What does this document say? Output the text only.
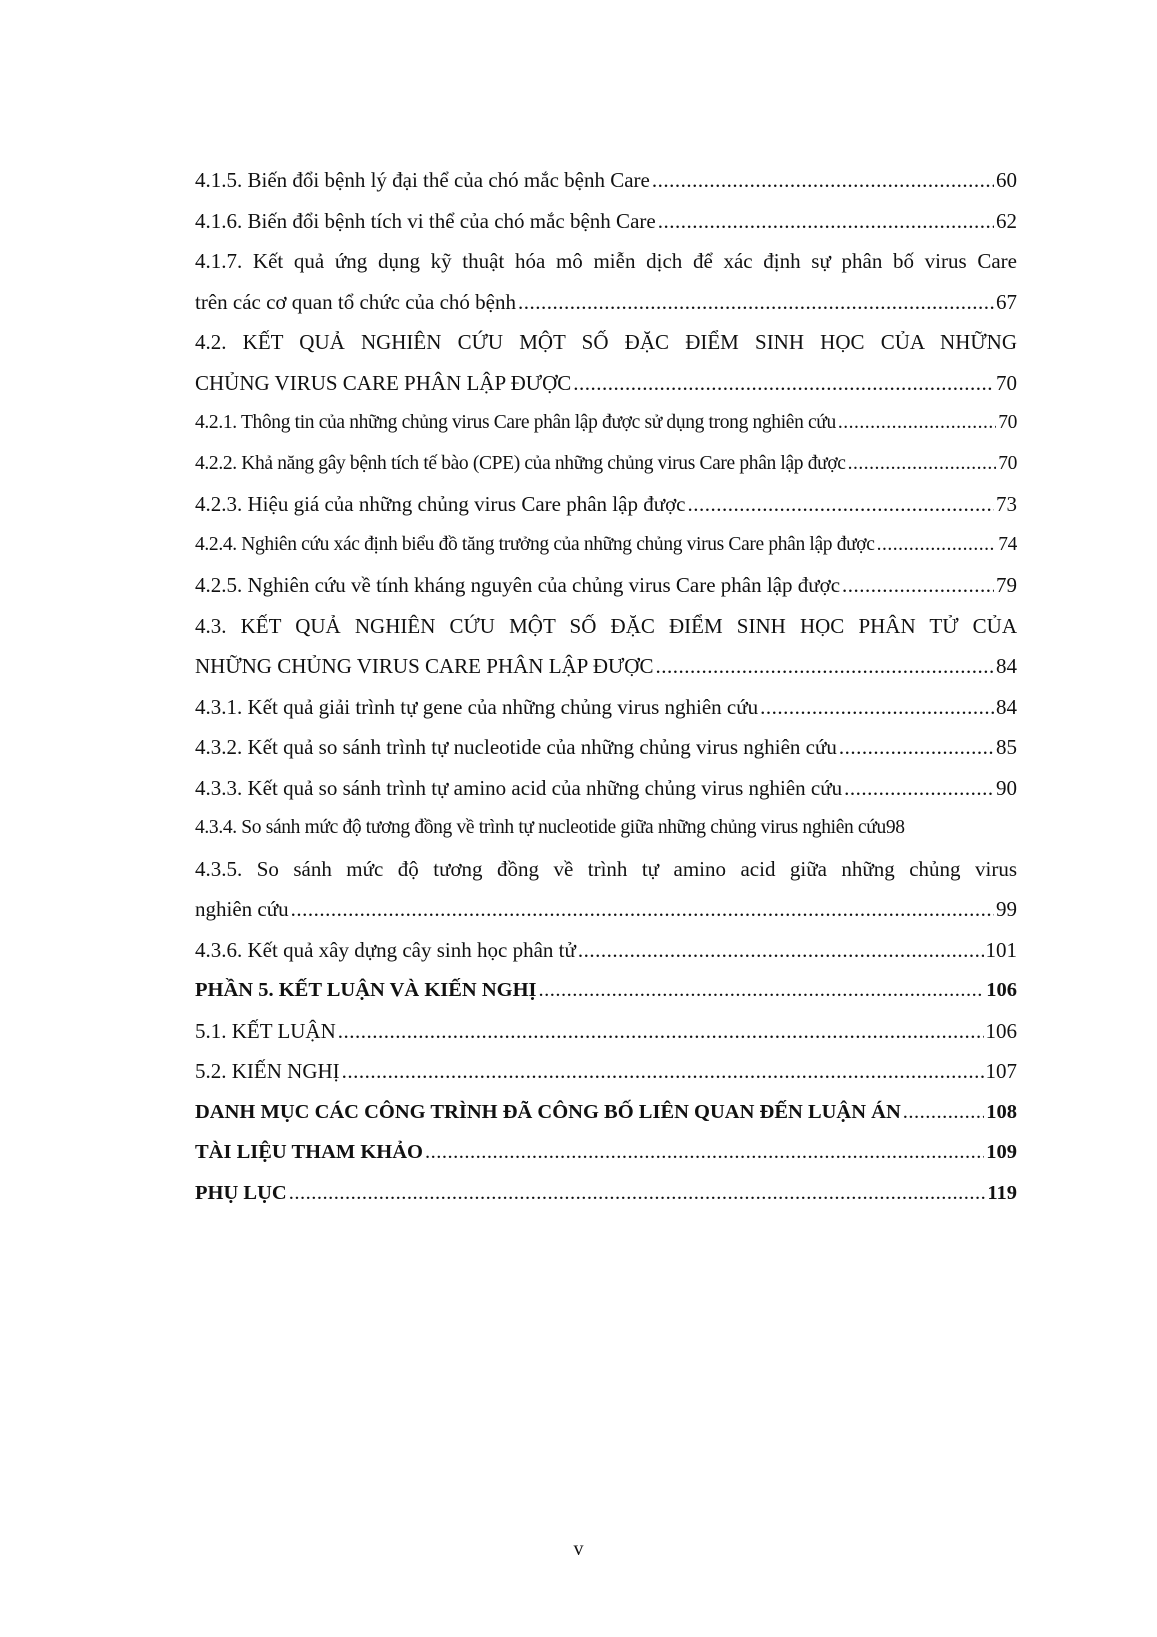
4.1.5. Biến đổi bệnh lý đại thể của chó mắc bệnh Care .....	60
4.1.6. Biến đổi bệnh tích vi thể của chó mắc bệnh Care .....	62
4.1.7. Kết quả ứng dụng kỹ thuật hóa mô miễn dịch để xác định sự phân bố virus Care
trên các cơ quan tổ chức của chó bệnh .....	67
4.2. KẾT QUẢ NGHIÊN CỨU MỘT SỐ ĐẶC ĐIỂM SINH HỌC CỦA NHỮNG
CHỦNG VIRUS CARE PHÂN LẬP ĐƯỢC .....	70
4.2.1. Thông tin của những chủng virus Care phân lập được sử dụng trong nghiên cứu .....	70
4.2.2. Khả năng gây bệnh tích tế bào (CPE) của những chủng virus Care phân lập được .....	70
4.2.3. Hiệu giá của những chủng virus Care phân lập được .....	73
4.2.4. Nghiên cứu xác định biểu đồ tăng trưởng của những chủng virus Care phân lập được .....	74
4.2.5. Nghiên cứu về tính kháng nguyên của chủng virus Care phân lập được .....	79
4.3. KẾT QUẢ NGHIÊN CỨU MỘT SỐ ĐẶC ĐIỂM SINH HỌC PHÂN TỬ CỦA
NHỮNG CHỦNG VIRUS CARE PHÂN LẬP ĐƯỢC .....	84
4.3.1. Kết quả giải trình tự gene của những chủng virus nghiên cứu .....	84
4.3.2. Kết quả so sánh trình tự nucleotide của những chủng virus nghiên cứu .....	85
4.3.3. Kết quả so sánh trình tự amino acid của những chủng virus nghiên cứu .....	90
4.3.4. So sánh mức độ tương đồng về trình tự nucleotide giữa những chủng virus nghiên cứu 98
4.3.5. So sánh mức độ tương đồng về trình tự amino acid giữa những chủng virus
nghiên cứu .....	99
4.3.6. Kết quả xây dựng cây sinh học phân tử .....	101
PHẦN 5. KẾT LUẬN VÀ KIẾN NGHỊ .....	106
5.1. KẾT LUẬN .....	106
5.2. KIẾN NGHỊ .....	107
DANH MỤC CÁC CÔNG TRÌNH ĐÃ CÔNG BỐ LIÊN QUAN ĐẾN LUẬN ÁN .....	108
TÀI LIỆU THAM KHẢO .....	109
PHỤ LỤC .....	119
v
